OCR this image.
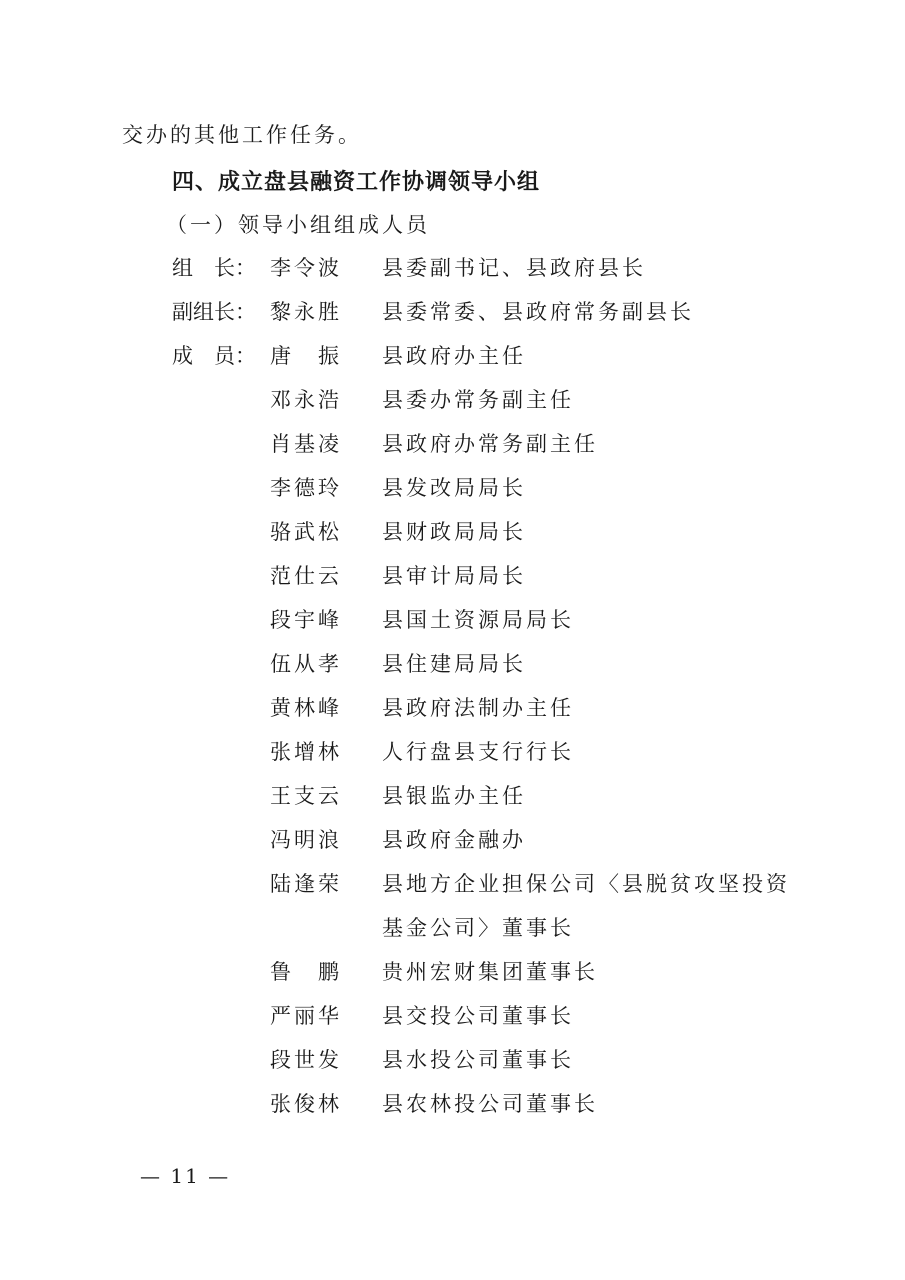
交办的其他工作任务。
四、成立盘县融资工作协调领导小组
（一）领导小组组成人员
组　长： 李令波 县委副书记、县政府县长
副组长： 黎永胜 县委常委、县政府常务副县长
成　员： 唐　振 县政府办主任
邓永浩 县委办常务副主任
肖基凌 县政府办常务副主任
李德玲 县发改局局长
骆武松 县财政局局长
范仕云 县审计局局长
段宇峰 县国土资源局局长
伍从孝 县住建局局长
黄林峰 县政府法制办主任
张增林 人行盘县支行行长
王支云 县银监办主任
冯明浪 县政府金融办
陆逢荣 县地方企业担保公司〈县脱贫攻坚投资
基金公司〉董事长
鲁　鹏 贵州宏财集团董事长
严丽华 县交投公司董事长
段世发 县水投公司董事长
张俊林 县农林投公司董事长
— 11 —
